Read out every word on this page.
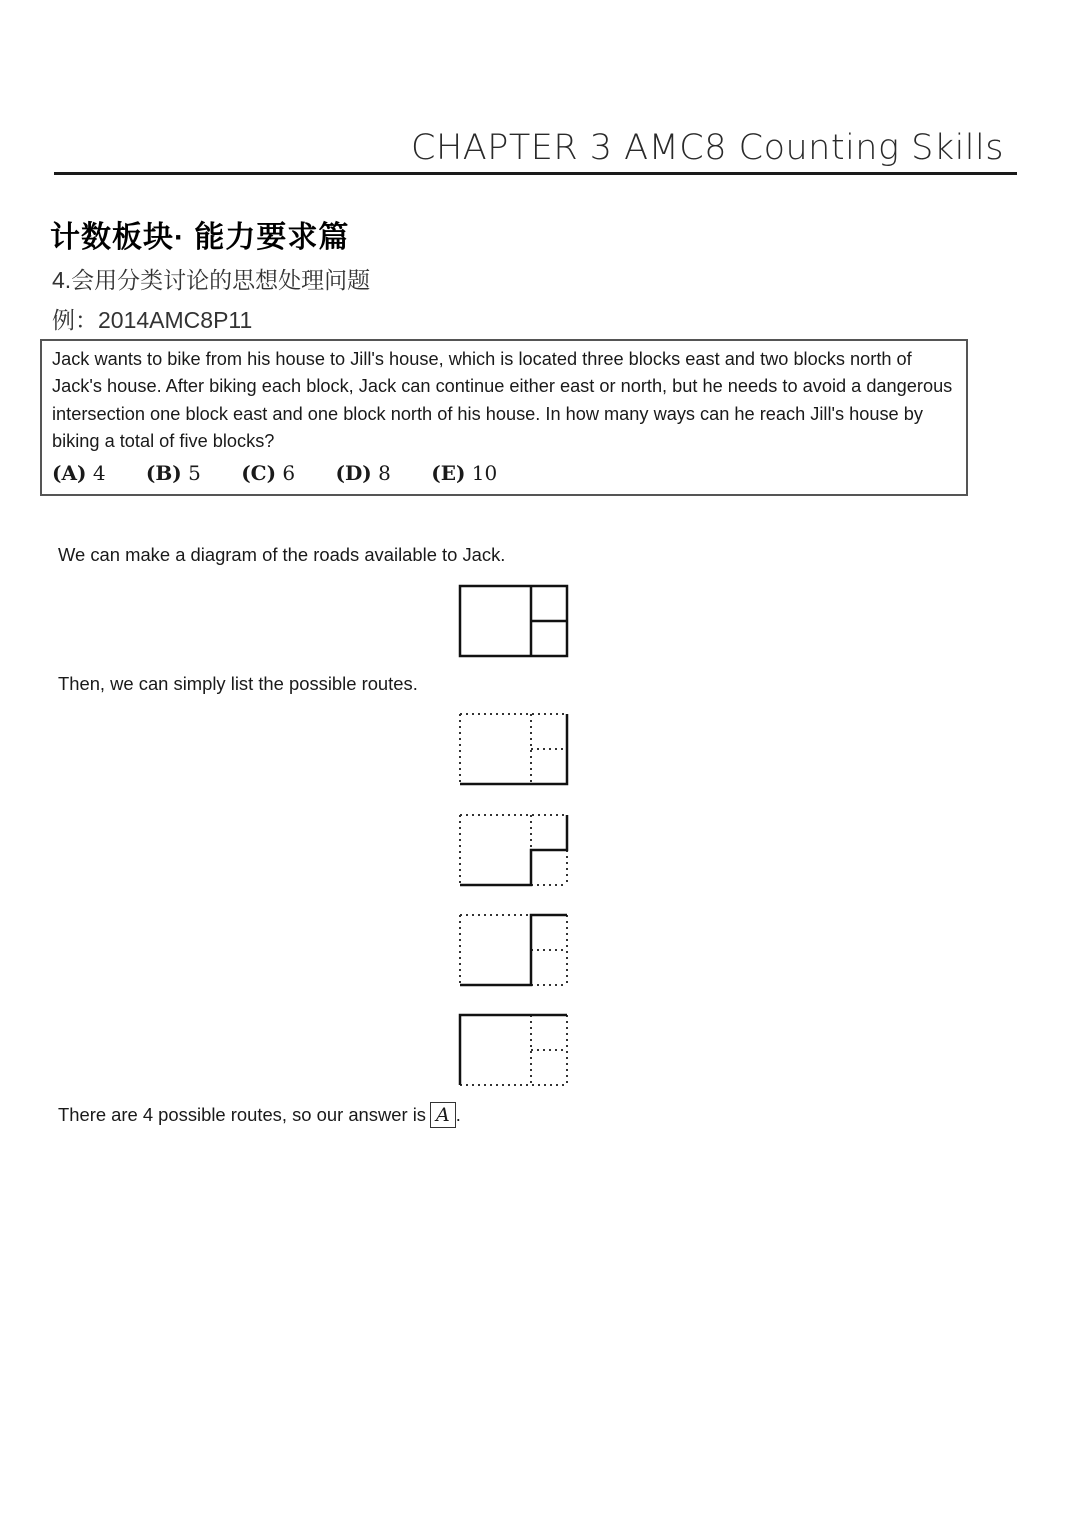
CHAPTER 3 AMC8 Counting Skills
计数板块· 能力要求篇
4.会用分类讨论的思想处理问题
例：2014AMC8P11

Jack wants to bike from his house to Jill's house, which is located three blocks east and two blocks north of Jack's house. After biking each block, Jack can continue either east or north, but he needs to avoid a dangerous intersection one block east and one block north of his house. In how many ways can he reach Jill's house by biking a total of five blocks?

(A) 4 (B) 5 (C) 6 (D) 8 (E) 10
We can make a diagram of the roads available to Jack.
Then, we can simply list the possible routes.
There are 4 possible routes, so our answer is A .
